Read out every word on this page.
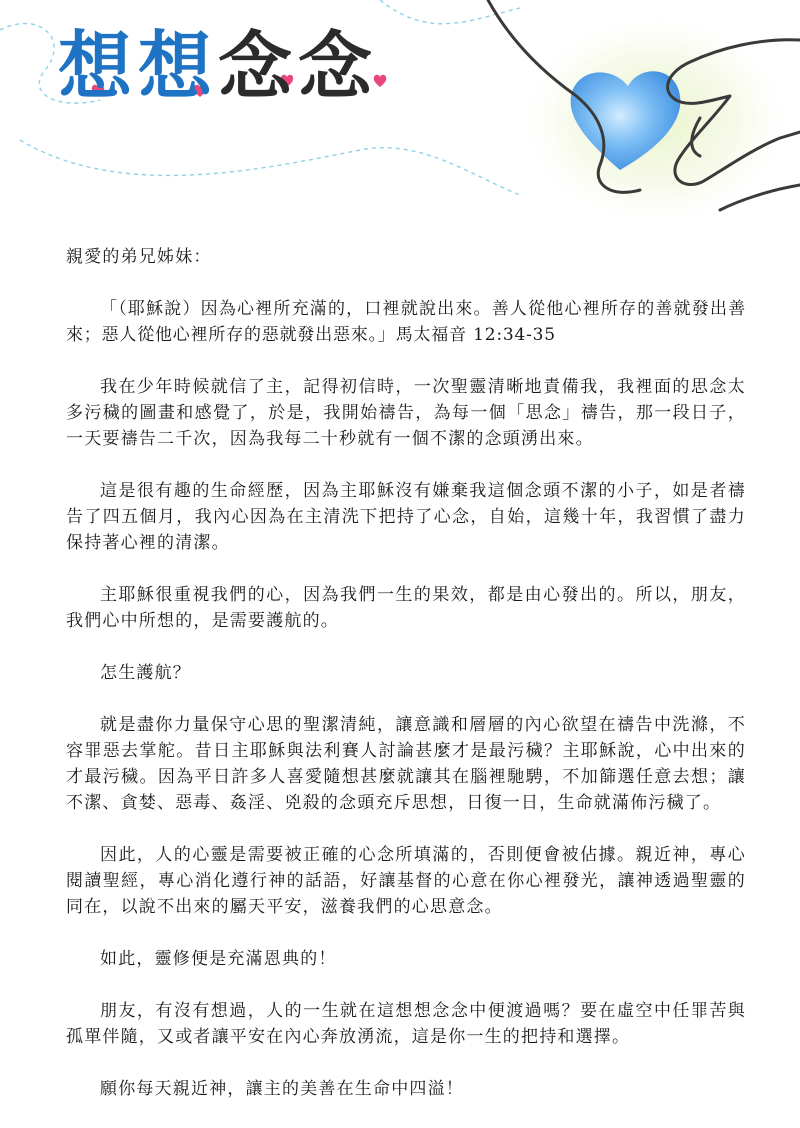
想想念念

親愛的弟兄姊妹：

「（耶穌說）因為心裡所充滿的，口裡就說出來。善人從他心裡所存的善就發出善來；惡人從他心裡所存的惡就發出惡來。」馬太福音 12:34-35

我在少年時候就信了主，記得初信時，一次聖靈清晰地責備我，我裡面的思念太多污穢的圖畫和感覺了，於是，我開始禱告，為每一個「思念」禱告，那一段日子，一天要禱告二千次，因為我每二十秒就有一個不潔的念頭湧出來。

這是很有趣的生命經歷，因為主耶穌沒有嫌棄我這個念頭不潔的小子，如是者禱告了四五個月，我內心因為在主清洗下把持了心念，自始，這幾十年，我習慣了盡力保持著心裡的清潔。

主耶穌很重視我們的心，因為我們一生的果效，都是由心發出的。所以，朋友，我們心中所想的，是需要護航的。

怎生護航？

就是盡你力量保守心思的聖潔清純，讓意識和層層的內心欲望在禱告中洗滌，不容罪惡去掌舵。昔日主耶穌與法利賽人討論甚麼才是最污穢？主耶穌說，心中出來的才最污穢。因為平日許多人喜愛隨想甚麼就讓其在腦裡馳騁，不加篩選任意去想；讓不潔、貪婪、惡毒、姦淫、兇殺的念頭充斥思想，日復一日，生命就滿佈污穢了。

因此，人的心靈是需要被正確的心念所填滿的，否則便會被佔據。親近神，專心閱讀聖經，專心消化遵行神的話語，好讓基督的心意在你心裡發光，讓神透過聖靈的同在，以說不出來的屬天平安，滋養我們的心思意念。

如此，靈修便是充滿恩典的！

朋友，有沒有想過，人的一生就在這想想念念中便渡過嗎？要在虛空中任罪苦與孤單伴隨，又或者讓平安在內心奔放湧流，這是你一生的把持和選擇。

願你每天親近神，讓主的美善在生命中四溢！
